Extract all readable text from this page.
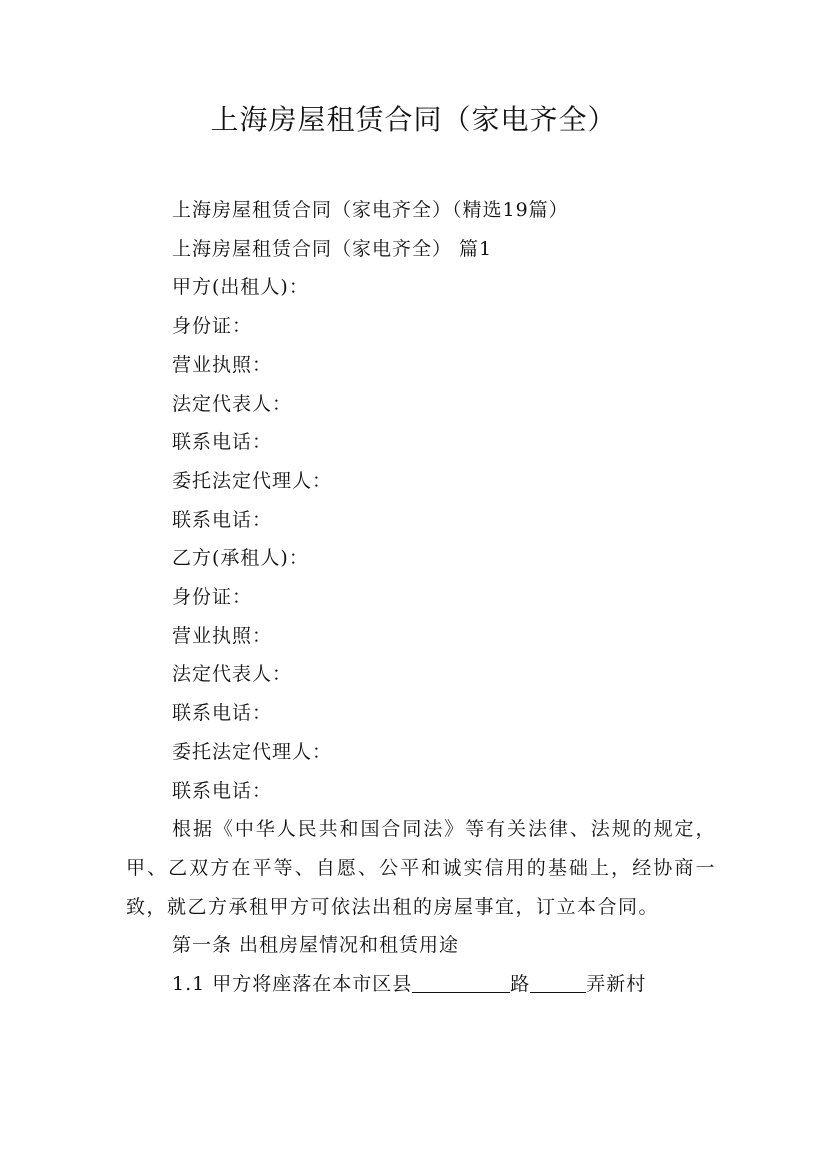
上海房屋租赁合同（家电齐全）

上海房屋租赁合同（家电齐全）（精选19篇）

上海房屋租赁合同（家电齐全） 篇1

甲方(出租人)：

身份证：

营业执照：

法定代表人：

联系电话：

委托法定代理人：

联系电话：

乙方(承租人)：

身份证：

营业执照：

法定代表人：

联系电话：

委托法定代理人：

联系电话：

根据《中华人民共和国合同法》等有关法律、法规的规定，甲、乙双方在平等、自愿、公平和诚实信用的基础上，经协商一致，就乙方承租甲方可依法出租的房屋事宜，订立本合同。

第一条 出租房屋情况和租赁用途

1.1 甲方将座落在本市区县	路	弄新村
